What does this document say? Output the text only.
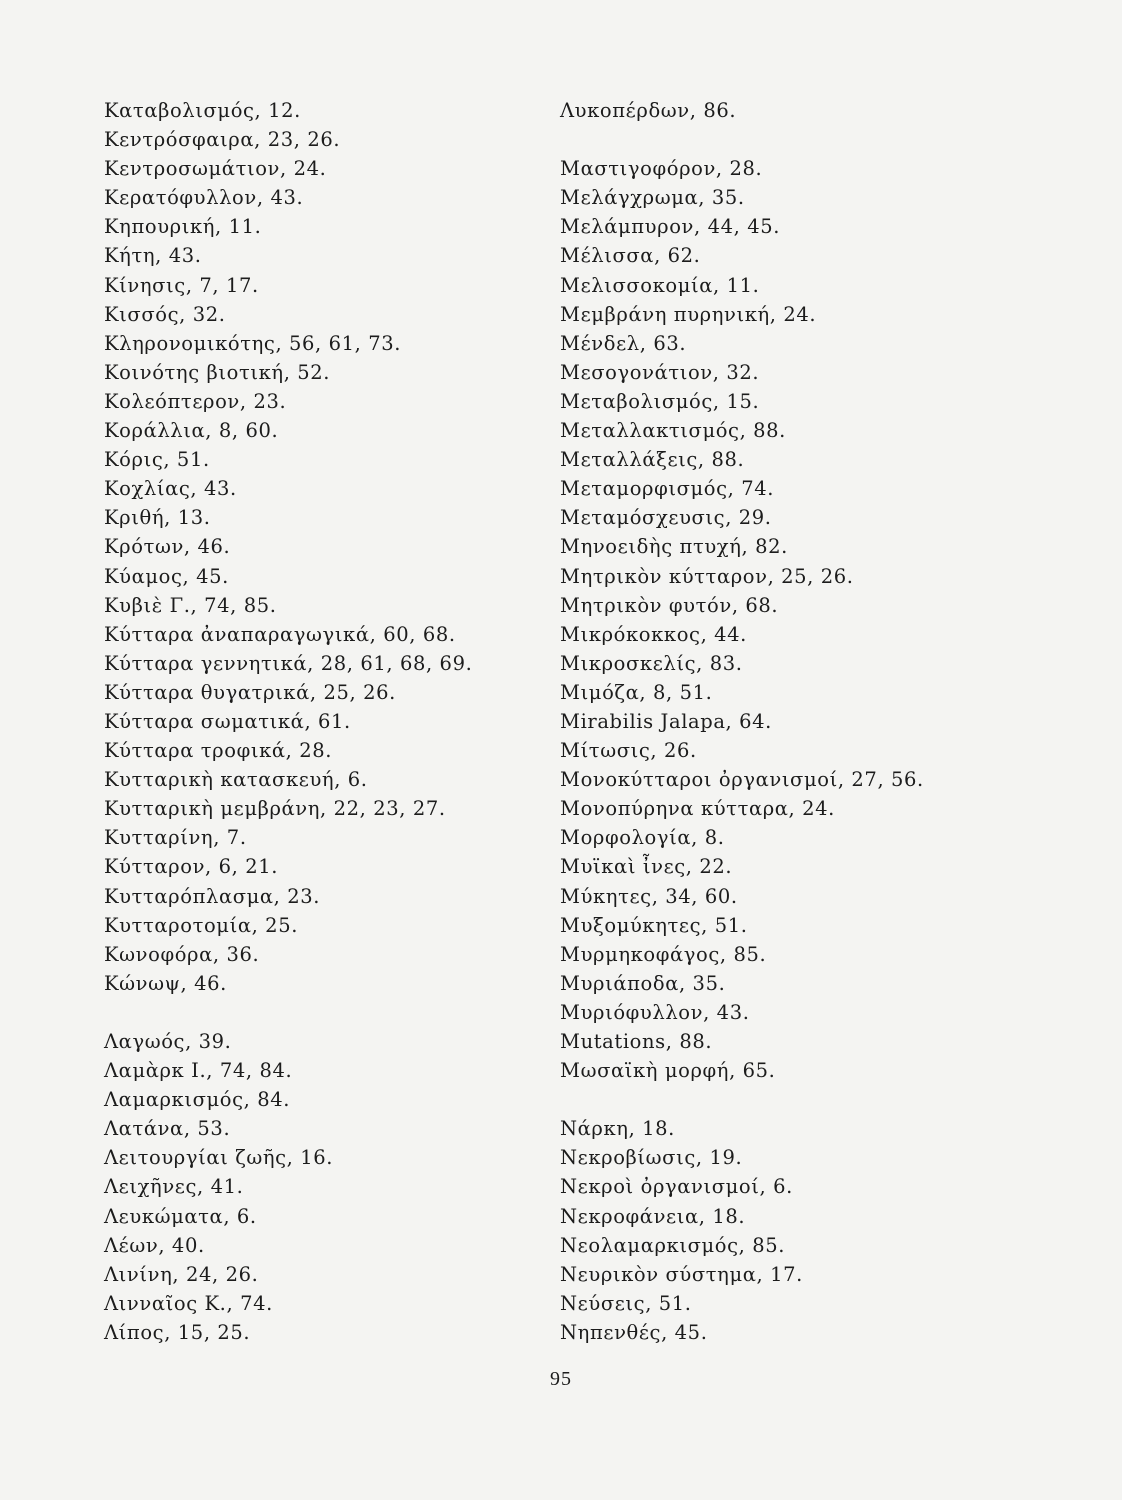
Καταβολισμός, 12.
Κεντρόσφαιρα, 23, 26.
Κεντροσωμάτιον, 24.
Κερατόφυλλον, 43.
Κηπουρική, 11.
Κήτη, 43.
Κίνησις, 7, 17.
Κισσός, 32.
Κληρονομικότης, 56, 61, 73.
Κοινότης βιοτική, 52.
Κολεόπτερον, 23.
Κοράλλια, 8, 60.
Κόρις, 51.
Κοχλίας, 43.
Κριθή, 13.
Κρότων, 46.
Κύαμος, 45.
Κυβιὲ Γ., 74, 85.
Κύτταρα ἀναπαραγωγικά, 60, 68.
Κύτταρα γεννητικά, 28, 61, 68, 69.
Κύτταρα θυγατρικά, 25, 26.
Κύτταρα σωματικά, 61.
Κύτταρα τροφικά, 28.
Κυτταρικὴ κατασκευή, 6.
Κυτταρικὴ μεμβράνη, 22, 23, 27.
Κυτταρίνη, 7.
Κύτταρον, 6, 21.
Κυτταρόπλασμα, 23.
Κυτταροτομία, 25.
Κωνοφόρα, 36.
Κώνωψ, 46.
Λαγωός, 39.
Λαμὰρκ Ι., 74, 84.
Λαμαρκισμός, 84.
Λατάνα, 53.
Λειτουργίαι ζωῆς, 16.
Λειχῆνες, 41.
Λευκώματα, 6.
Λέων, 40.
Λινίνη, 24, 26.
Λινναῖος Κ., 74.
Λίπος, 15, 25.
Λυκοπέρδων, 86.
Μαστιγοφόρον, 28.
Μελάγχρωμα, 35.
Μελάμπυρον, 44, 45.
Μέλισσα, 62.
Μελισσοκομία, 11.
Μεμβράνη πυρηνική, 24.
Μένδελ, 63.
Μεσογονάτιον, 32.
Μεταβολισμός, 15.
Μεταλλακτισμός, 88.
Μεταλλάξεις, 88.
Μεταμορφισμός, 74.
Μεταμόσχευσις, 29.
Μηνοειδὴς πτυχή, 82.
Μητρικὸν κύτταρον, 25, 26.
Μητρικὸν φυτόν, 68.
Μικρόκοκκος, 44.
Μικροσκελίς, 83.
Μιμόζα, 8, 51.
Mirabilis Jalapa, 64.
Μίτωσις, 26.
Μονοκύτταροι ὀργανισμοί, 27, 56.
Μονοπύρηνα κύτταρα, 24.
Μορφολογία, 8.
Μυϊκαὶ ἶνες, 22.
Μύκητες, 34, 60.
Μυξομύκητες, 51.
Μυρμηκοφάγος, 85.
Μυριάποδα, 35.
Μυριόφυλλον, 43.
Mutations, 88.
Μωσαϊκὴ μορφή, 65.
Νάρκη, 18.
Νεκροβίωσις, 19.
Νεκροὶ ὀργανισμοί, 6.
Νεκροφάνεια, 18.
Νεολαμαρκισμός, 85.
Νευρικὸν σύστημα, 17.
Νεύσεις, 51.
Νηπενθές, 45.
95
